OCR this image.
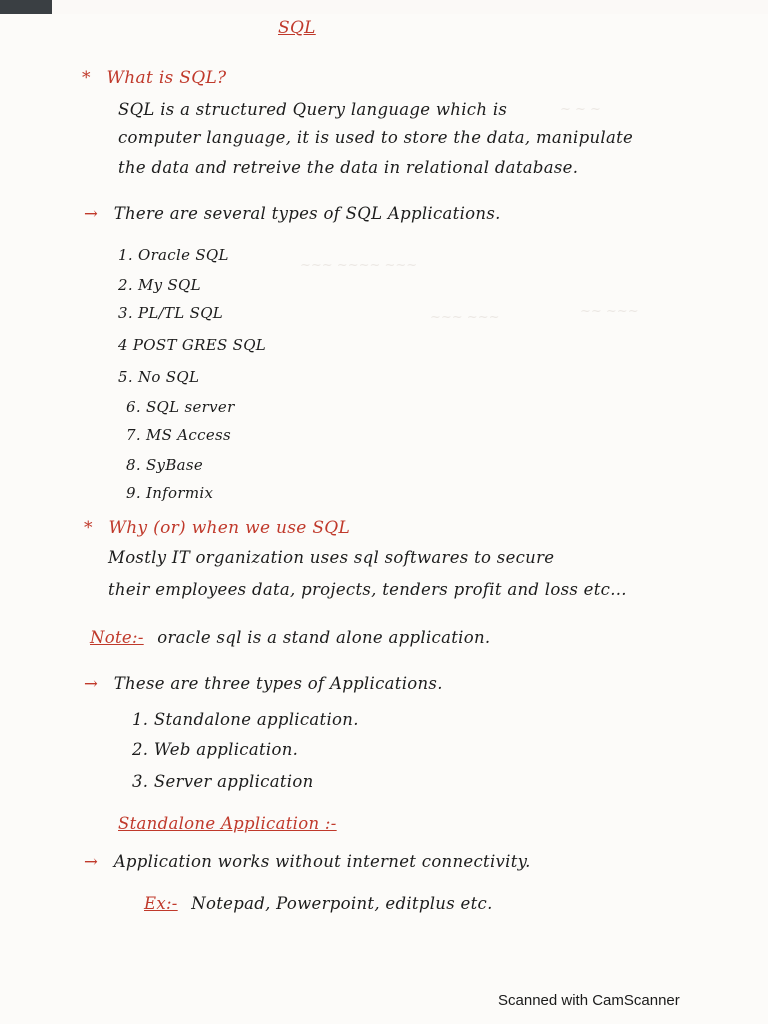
~ ~ ~
~~~ ~~~~ ~~~
~~ ~~~
~~~ ~~~
SQL
* What is SQL?
SQL is a structured Query language which is
computer language, it is used to store the data, manipulate
the data and retreive the data in relational database.
→ There are several types of SQL Applications.
1. Oracle SQL
2. My SQL
3. PL/TL SQL
4 POST GRES SQL
5. No SQL
6. SQL server
7. MS Access
8. SyBase
9. Informix
* Why (or) when we use SQL
Mostly IT organization uses sql softwares to secure
their employees data, projects, tenders profit and loss etc...
Note:- oracle sql is a stand alone application.
→ These are three types of Applications.
1. Standalone application.
2. Web application.
3. Server application
Standalone Application :-
→ Application works without internet connectivity.
Ex:- Notepad, Powerpoint, editplus etc.
Scanned with CamScanner
